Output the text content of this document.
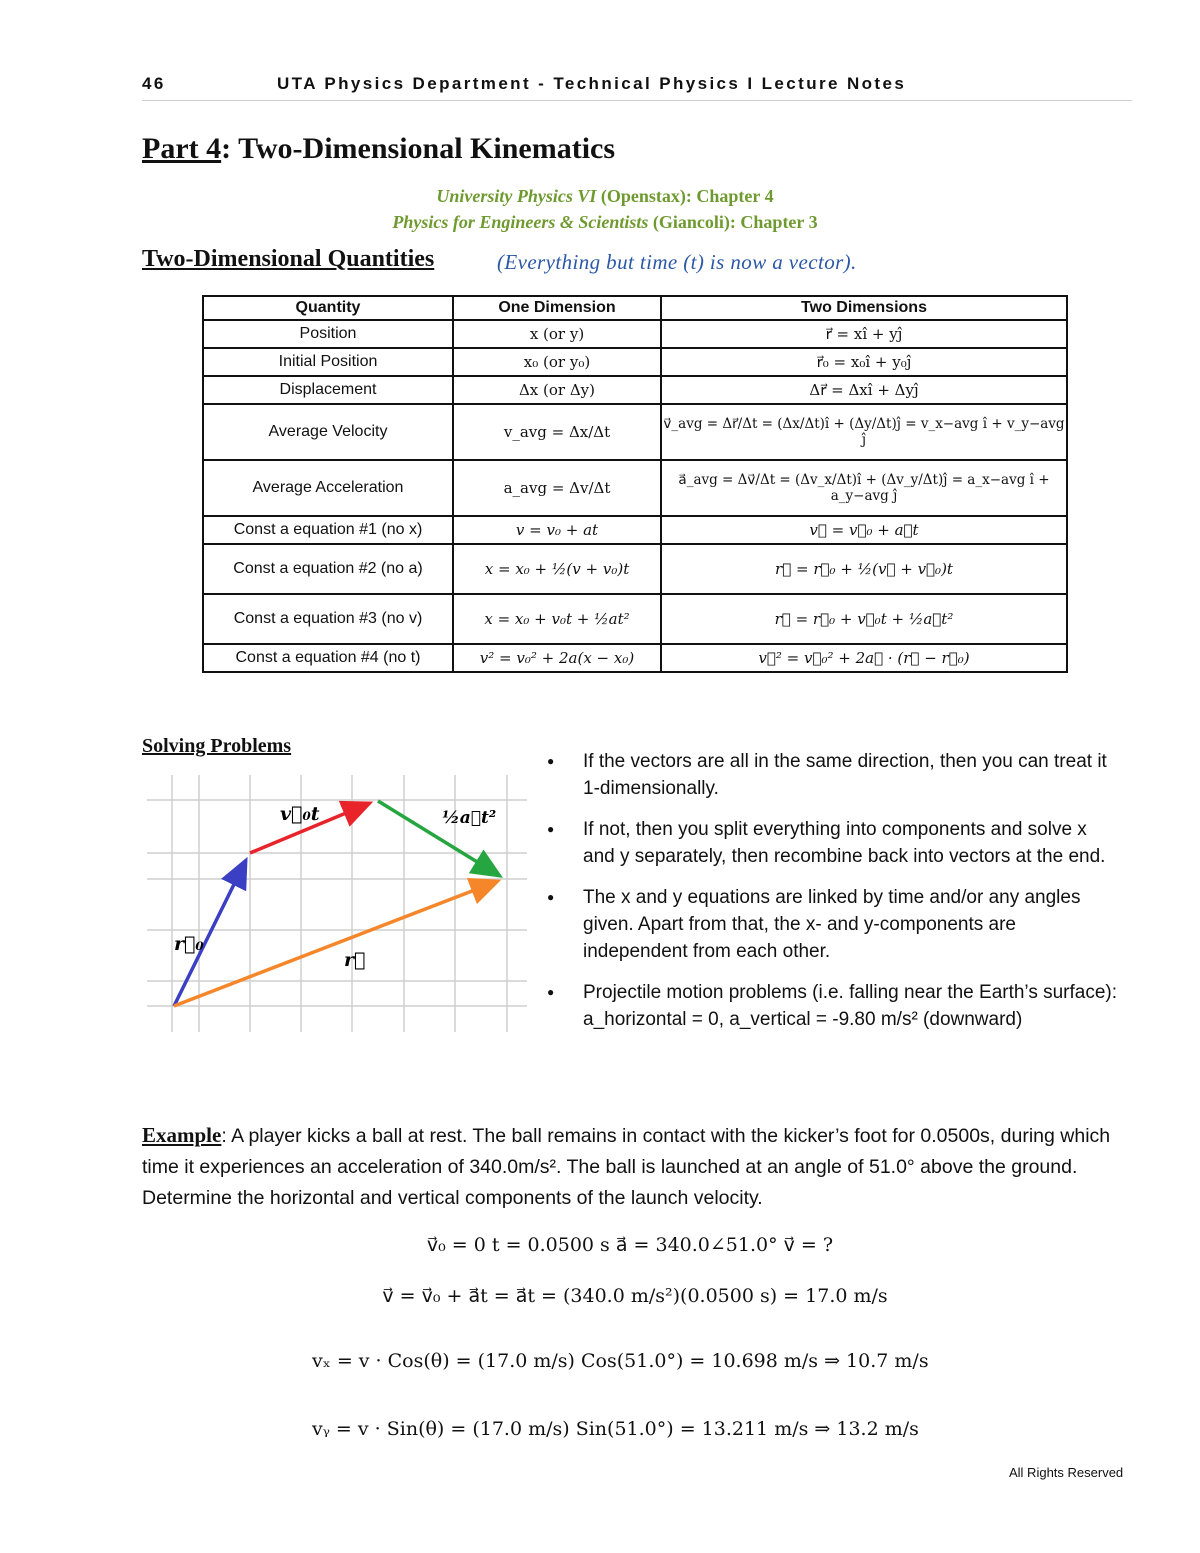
46	UTA Physics Department - Technical Physics I Lecture Notes
Part 4: Two-Dimensional Kinematics
University Physics VI (Openstax): Chapter 4
Physics for Engineers & Scientists (Giancoli): Chapter 3
Two-Dimensional Quantities	(Everything but time (t) is now a vector).
Quantity	One Dimension	Two Dimensions
Position	x (or y)	r⃗ = xî + yĵ
Initial Position	x₀ (or y₀)	r⃗₀ = x₀î + y₀ĵ
Displacement	Δx (or Δy)	Δr⃗ = Δxî + Δyĵ
Average Velocity	v_avg = Δx/Δt	v⃗_avg = Δr⃗/Δt = (Δx/Δt)î + (Δy/Δt)ĵ = v_x−avg î + v_y−avg ĵ
Average Acceleration	a_avg = Δv/Δt	a⃗_avg = Δv⃗/Δt = (Δv_x/Δt)î + (Δv_y/Δt)ĵ = a_x−avg î + a_y−avg ĵ
Const a equation #1 (no x)	v = v₀ + at	v⃗ = v⃗₀ + a⃗t
Const a equation #2 (no a)	x = x₀ + ½(v + v₀)t	r⃗ = r⃗₀ + ½(v⃗ + v⃗₀)t
Const a equation #3 (no v)	x = x₀ + v₀t + ½at²	r⃗ = r⃗₀ + v⃗₀t + ½a⃗t²
Const a equation #4 (no t)	v² = v₀² + 2a(x − x₀)	v⃗² = v⃗₀² + 2a⃗ · (r⃗ − r⃗₀)
Solving Problems
v⃗₀t	½a⃗t²
r⃗₀
r⃗
● If the vectors are all in the same direction, then you can treat it 1-dimensionally.
● If not, then you split everything into components and solve x and y separately, then recombine back into vectors at the end.
● The x and y equations are linked by time and/or any angles given. Apart from that, the x- and y-components are independent from each other.
● Projectile motion problems (i.e. falling near the Earth’s surface): a_horizontal = 0, a_vertical = -9.80 m/s² (downward)
Example: A player kicks a ball at rest. The ball remains in contact with the kicker’s foot for 0.0500s, during which time it experiences an acceleration of 340.0m/s². The ball is launched at an angle of 51.0° above the ground. Determine the horizontal and vertical components of the launch velocity.
v⃗₀ = 0 t = 0.0500 s a⃗ = 340.0∠51.0° v⃗ = ?
v⃗ = v⃗₀ + a⃗t = a⃗t = (340.0 m/s²)(0.0500 s) = 17.0 m/s
vₓ = v · Cos(θ) = (17.0 m/s) Cos(51.0°) = 10.698 m/s ⇒ 10.7 m/s
vᵧ = v · Sin(θ) = (17.0 m/s) Sin(51.0°) = 13.211 m/s ⇒ 13.2 m/s
All Rights Reserved
